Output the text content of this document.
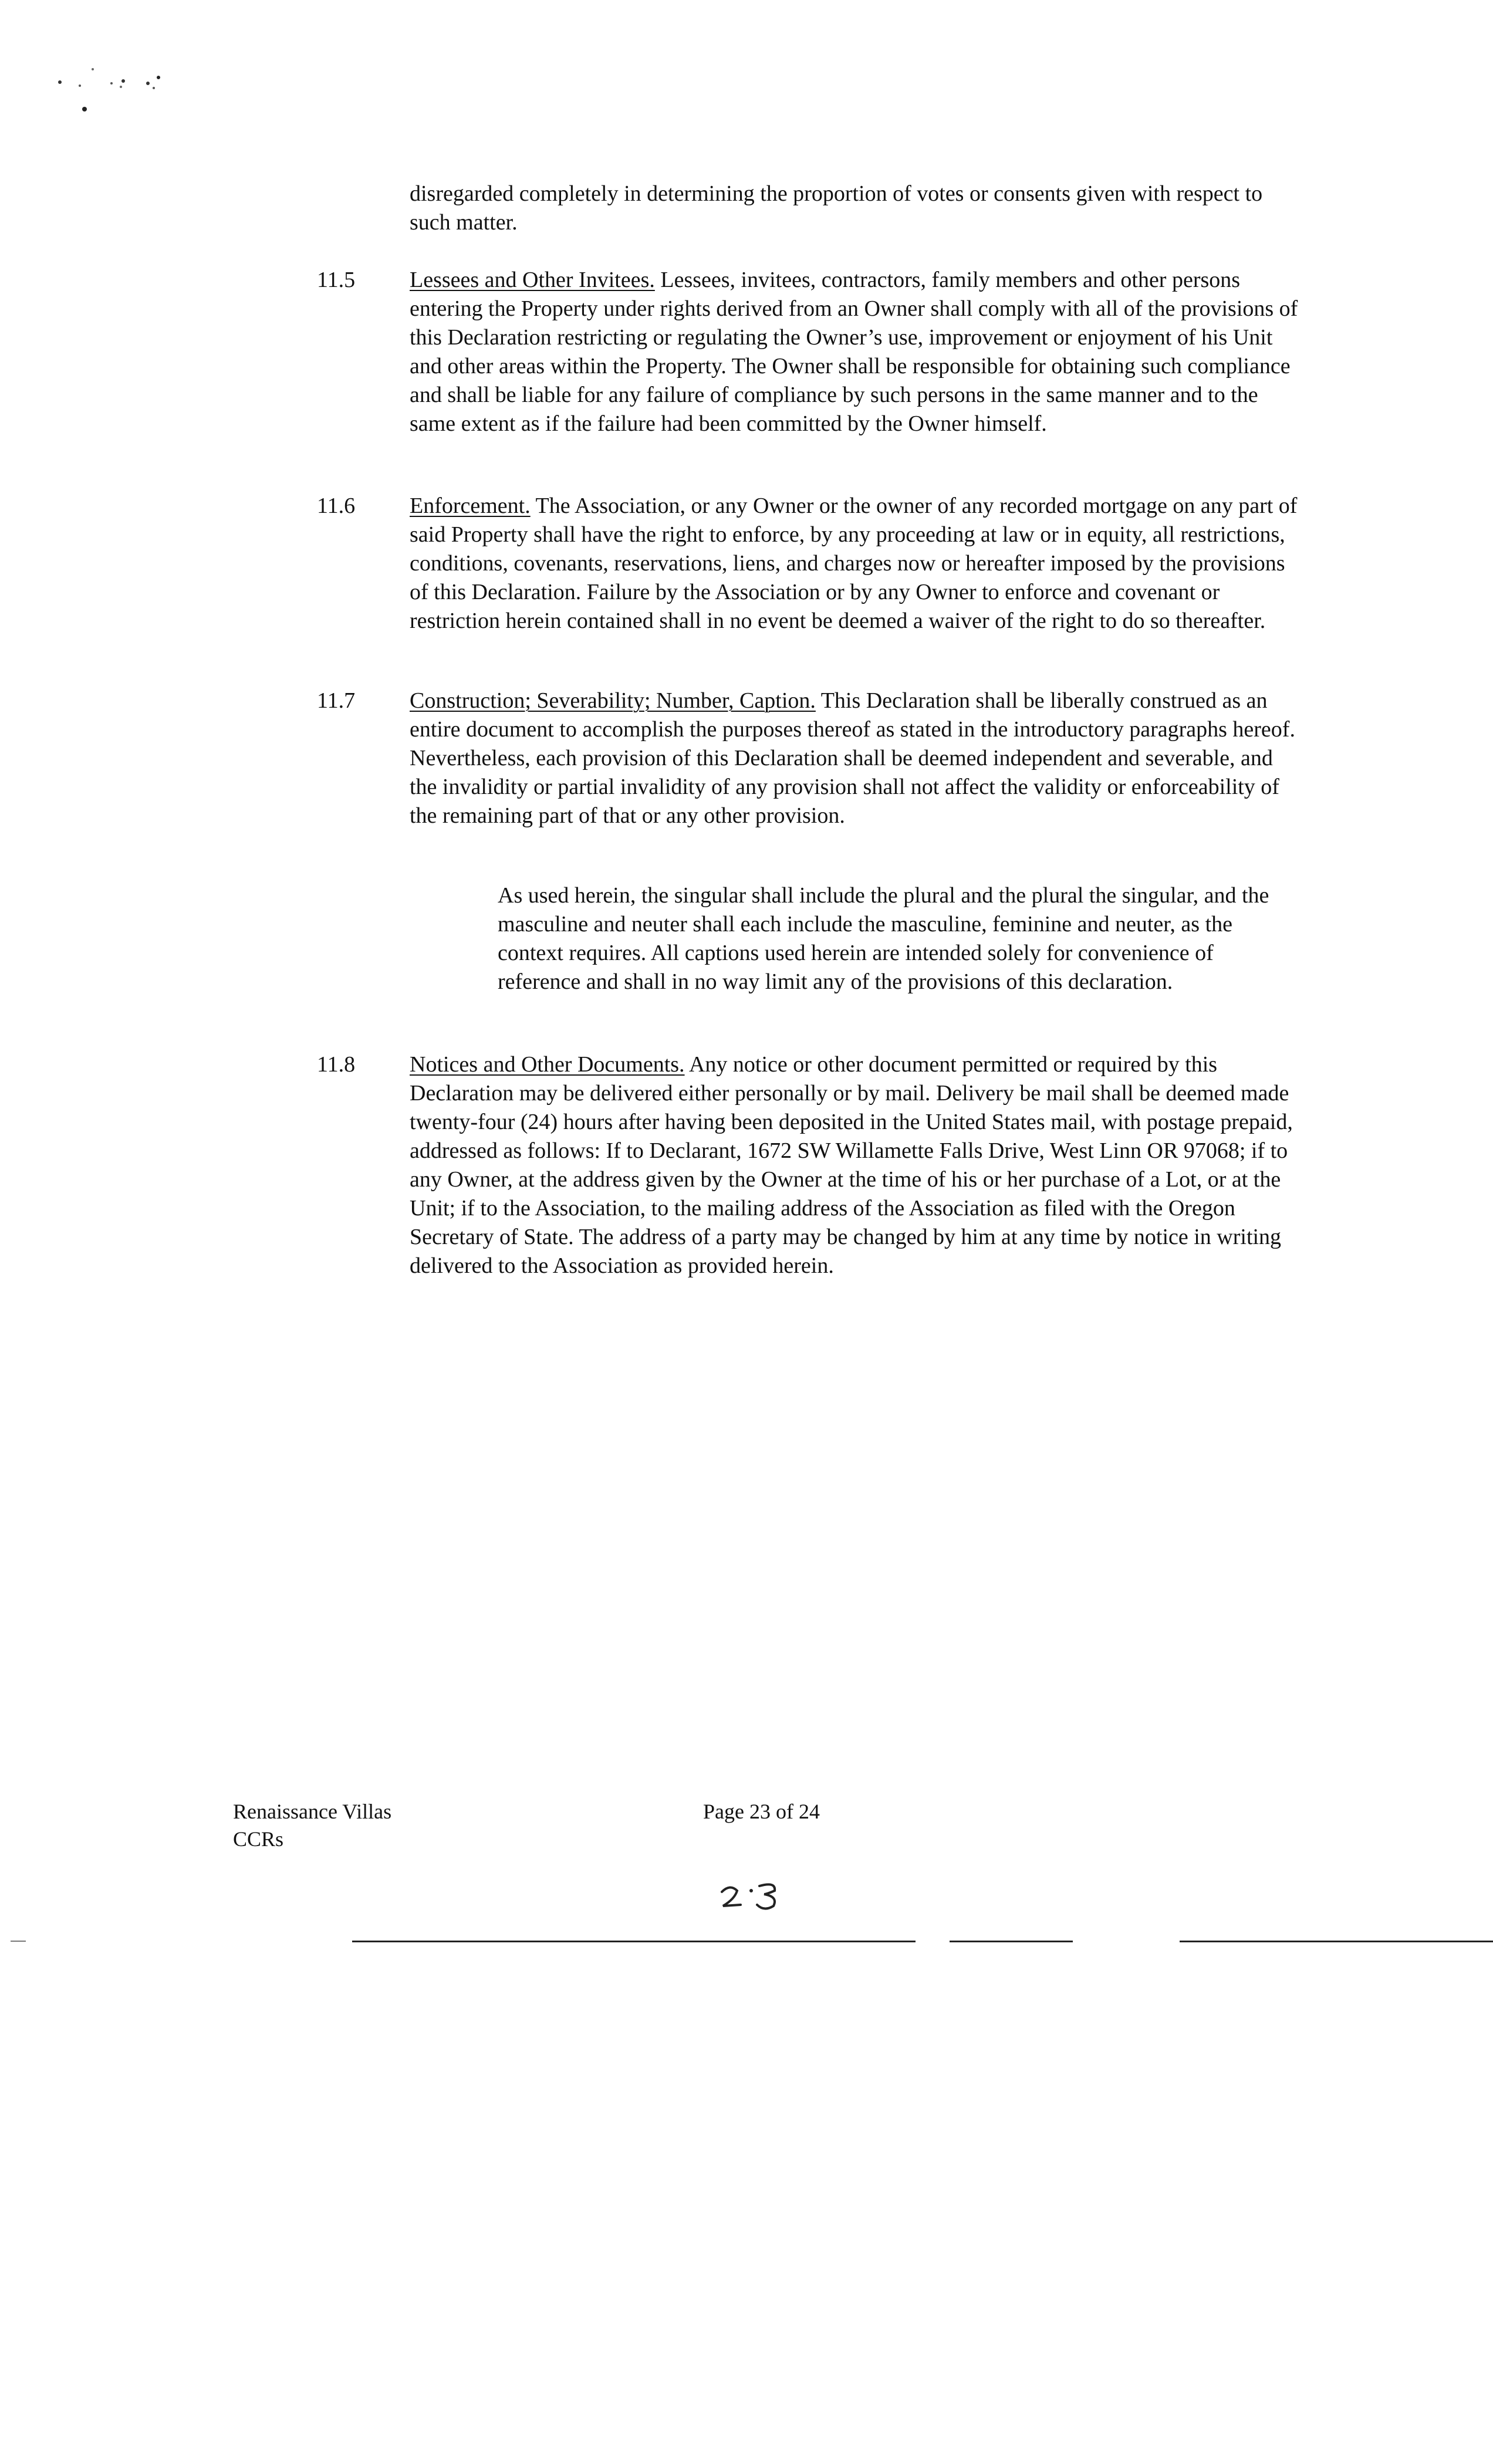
disregarded completely in determining the proportion of votes or consents given with respect to such matter.
11.5	Lessees and Other Invitees. Lessees, invitees, contractors, family members and other persons entering the Property under rights derived from an Owner shall comply with all of the provisions of this Declaration restricting or regulating the Owner’s use, improvement or enjoyment of his Unit and other areas within the Property. The Owner shall be responsible for obtaining such compliance and shall be liable for any failure of compliance by such persons in the same manner and to the same extent as if the failure had been committed by the Owner himself.
11.6	Enforcement. The Association, or any Owner or the owner of any recorded mortgage on any part of said Property shall have the right to enforce, by any proceeding at law or in equity, all restrictions, conditions, covenants, reservations, liens, and charges now or hereafter imposed by the provisions of this Declaration. Failure by the Association or by any Owner to enforce and covenant or restriction herein contained shall in no event be deemed a waiver of the right to do so thereafter.
11.7	Construction; Severability; Number, Caption. This Declaration shall be liberally construed as an entire document to accomplish the purposes thereof as stated in the introductory paragraphs hereof. Nevertheless, each provision of this Declaration shall be deemed independent and severable, and the invalidity or partial invalidity of any provision shall not affect the validity or enforceability of the remaining part of that or any other provision.
As used herein, the singular shall include the plural and the plural the singular, and the masculine and neuter shall each include the masculine, feminine and neuter, as the context requires. All captions used herein are intended solely for convenience of reference and shall in no way limit any of the provisions of this declaration.
11.8	Notices and Other Documents. Any notice or other document permitted or required by this Declaration may be delivered either personally or by mail. Delivery be mail shall be deemed made twenty-four (24) hours after having been deposited in the United States mail, with postage prepaid, addressed as follows: If to Declarant, 1672 SW Willamette Falls Drive, West Linn OR 97068; if to any Owner, at the address given by the Owner at the time of his or her purchase of a Lot, or at the Unit; if to the Association, to the mailing address of the Association as filed with the Oregon Secretary of State. The address of a party may be changed by him at any time by notice in writing delivered to the Association as provided herein.
Renaissance Villas
CCRs
Page 23 of 24
